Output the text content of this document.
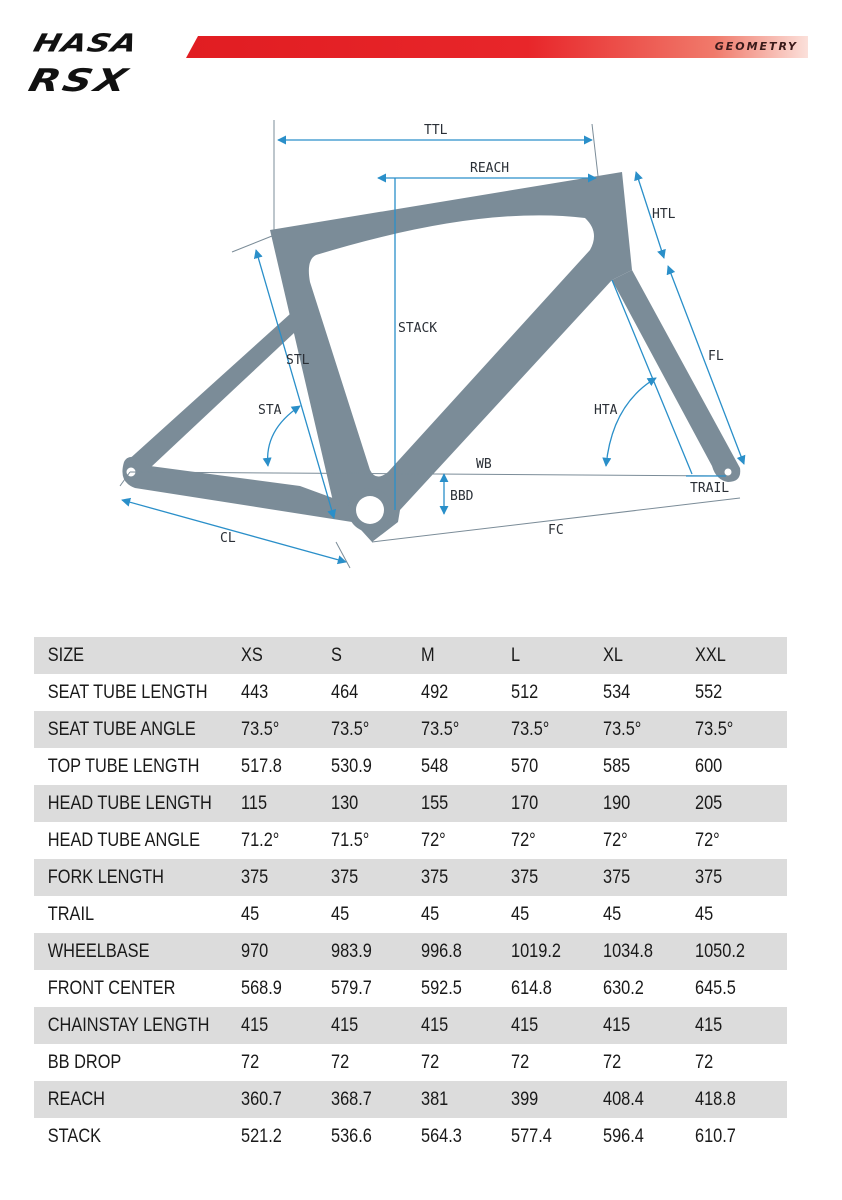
HASA
RSX
GEOMETRY
TTL
REACH
HTL
STACK
STL	FL
STA	HTA
WB
BBD
TRAIL
CL
FC
SIZE	XS	S	M	L	XL	XXL
SEAT TUBE LENGTH	443	464	492	512	534	552
SEAT TUBE ANGLE	73.5°	73.5°	73.5°	73.5°	73.5°	73.5°
TOP TUBE LENGTH	517.8	530.9	548	570	585	600
HEAD TUBE LENGTH	115	130	155	170	190	205
HEAD TUBE ANGLE	71.2°	71.5°	72°	72°	72°	72°
FORK LENGTH	375	375	375	375	375	375
TRAIL	45	45	45	45	45	45
WHEELBASE	970	983.9	996.8	1019.2	1034.8	1050.2
FRONT CENTER	568.9	579.7	592.5	614.8	630.2	645.5
CHAINSTAY LENGTH	415	415	415	415	415	415
BB DROP	72	72	72	72	72	72
REACH	360.7	368.7	381	399	408.4	418.8
STACK	521.2	536.6	564.3	577.4	596.4	610.7
